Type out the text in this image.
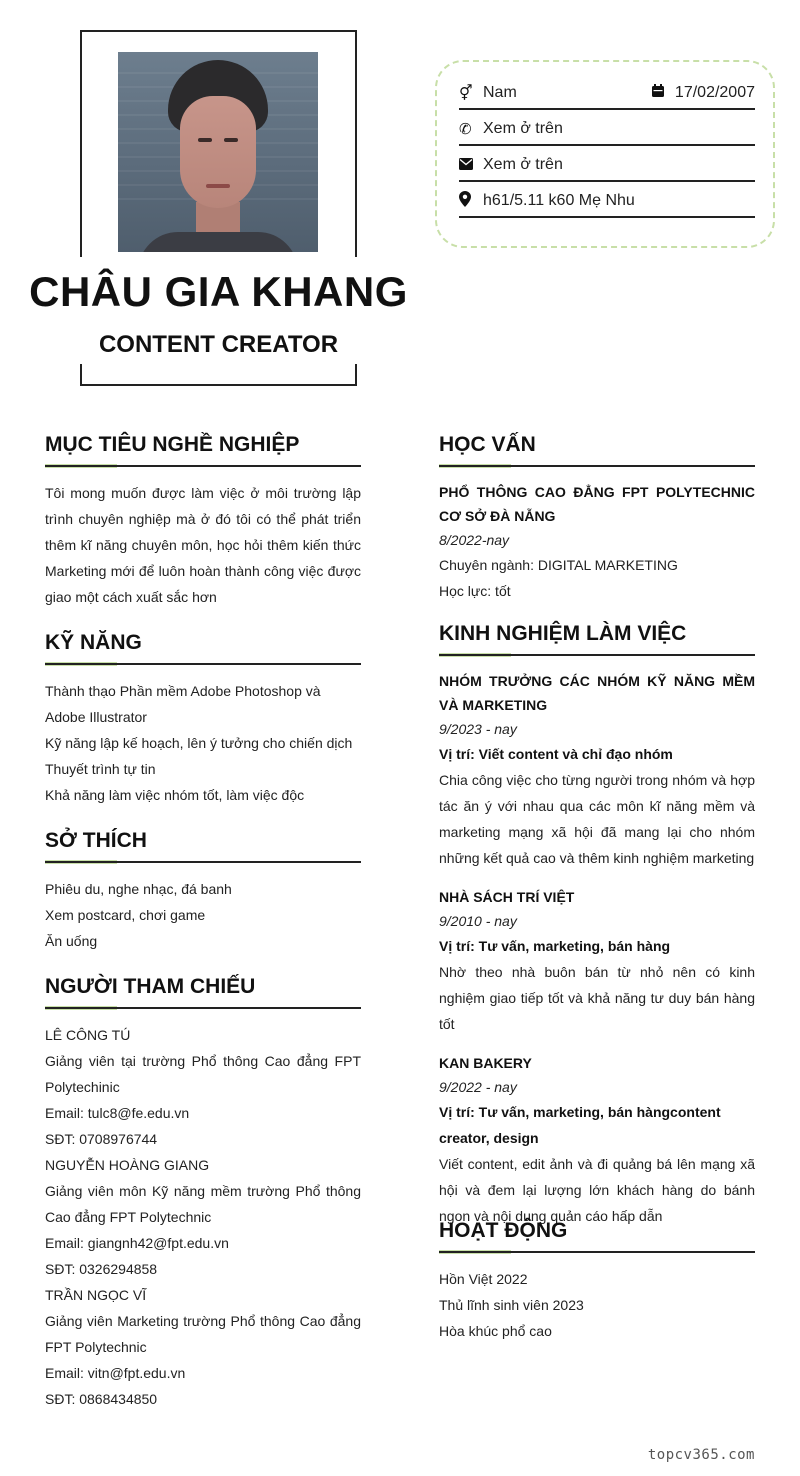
CHÂU GIA KHANG
CONTENT CREATOR
⚥ Nam	17/02/2007
✆ Xem ở trên
Xem ở trên
h61/5.11 k60 Mẹ Nhu
MỤC TIÊU NGHỀ NGHIỆP
Tôi mong muốn được làm việc ở môi trường lập trình chuyên nghiệp mà ở đó tôi có thể phát triển thêm kĩ năng chuyên môn, học hỏi thêm kiến thức Marketing mới để luôn hoàn thành công việc được giao một cách xuất sắc hơn
KỸ NĂNG
Thành thạo Phần mềm Adobe Photoshop và Adobe Illustrator
Kỹ năng lập kế hoạch, lên ý tưởng cho chiến dịch
Thuyết trình tự tin
Khả năng làm việc nhóm tốt, làm việc độc
SỞ THÍCH
Phiêu du, nghe nhạc, đá banh
Xem postcard, chơi game
Ăn uống
NGƯỜI THAM CHIẾU
LÊ CÔNG TÚ
Giảng viên tại trường Phổ thông Cao đẳng FPT Polytechinic
Email: tulc8@fe.edu.vn
SĐT: 0708976744
NGUYỄN HOÀNG GIANG
Giảng viên môn Kỹ năng mềm trường Phổ thông Cao đẳng FPT Polytechnic
Email: giangnh42@fpt.edu.vn
SĐT: 0326294858
TRẦN NGỌC VĨ
Giảng viên Marketing trường Phổ thông Cao đẳng FPT Polytechnic
Email: vitn@fpt.edu.vn
SĐT: 0868434850
HỌC VẤN
PHỔ THÔNG CAO ĐẲNG FPT POLYTECHNIC CƠ SỞ ĐÀ NẴNG
8/2022-nay
Chuyên ngành: DIGITAL MARKETING
Học lực: tốt
KINH NGHIỆM LÀM VIỆC
NHÓM TRƯỞNG CÁC NHÓM KỸ NĂNG MỀM VÀ MARKETING
9/2023 - nay
Vị trí: Viết content và chỉ đạo nhóm
Chia công việc cho từng người trong nhóm và hợp tác ăn ý với nhau qua các môn kĩ năng mềm và marketing mạng xã hội đã mang lại cho nhóm những kết quả cao và thêm kinh nghiệm marketing
NHÀ SÁCH TRÍ VIỆT
9/2010 - nay
Vị trí: Tư vấn, marketing, bán hàng
Nhờ theo nhà buôn bán từ nhỏ nên có kinh nghiệm giao tiếp tốt và khả năng tư duy bán hàng tốt
KAN BAKERY
9/2022 - nay
Vị trí: Tư vấn, marketing, bán hàngcontent creator, design
Viết content, edit ảnh và đi quảng bá lên mạng xã hội và đem lại lượng lớn khách hàng do bánh ngon và nội dung quản cáo hấp dẫn
HOẠT ĐỘNG
Hồn Việt 2022
Thủ lĩnh sinh viên 2023
Hòa khúc phổ cao
topcv365.com
